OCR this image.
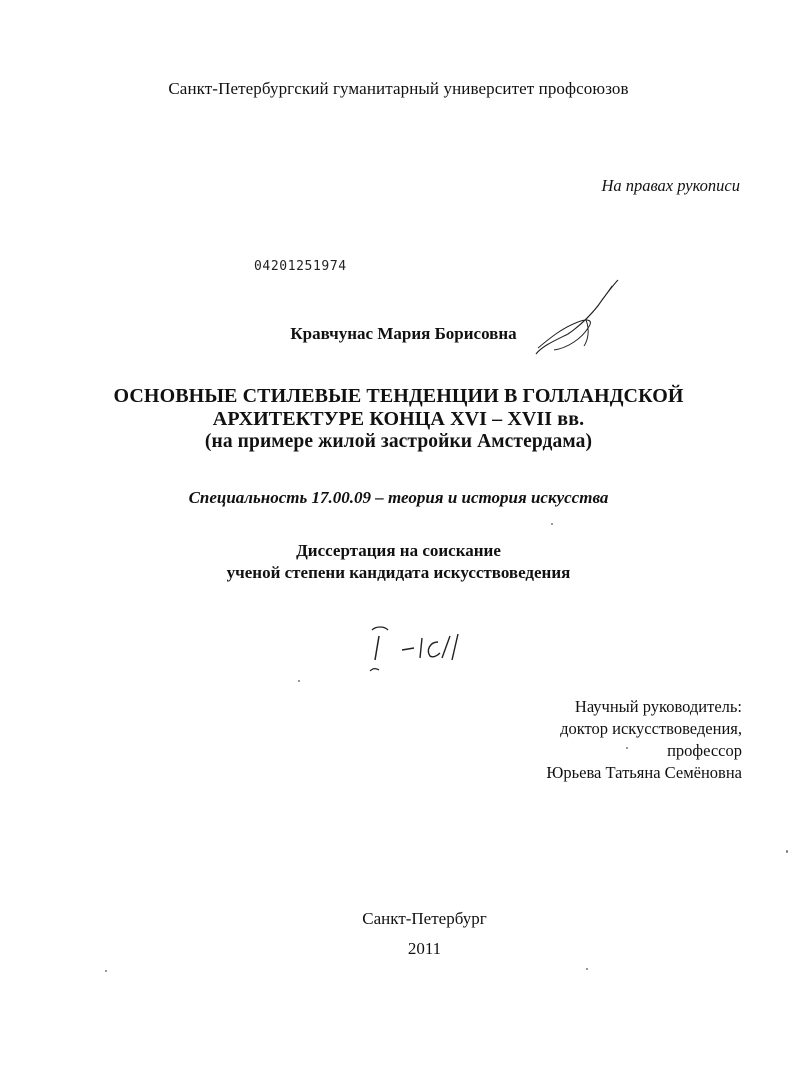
Санкт-Петербургский гуманитарный университет профсоюзов
На правах рукописи
04201251974
Кравчунас Мария Борисовна
ОСНОВНЫЕ СТИЛЕВЫЕ ТЕНДЕНЦИИ В ГОЛЛАНДСКОЙ
АРХИТЕКТУРЕ КОНЦА XVI – XVII вв.
(на примере жилой застройки Амстердама)
Специальность 17.00.09 – теория и история искусства
Диссертация на соискание
ученой степени кандидата искусствоведения
Научный руководитель:
доктор искусствоведения,
профессор
Юрьева Татьяна Семёновна
Санкт-Петербург
2011
